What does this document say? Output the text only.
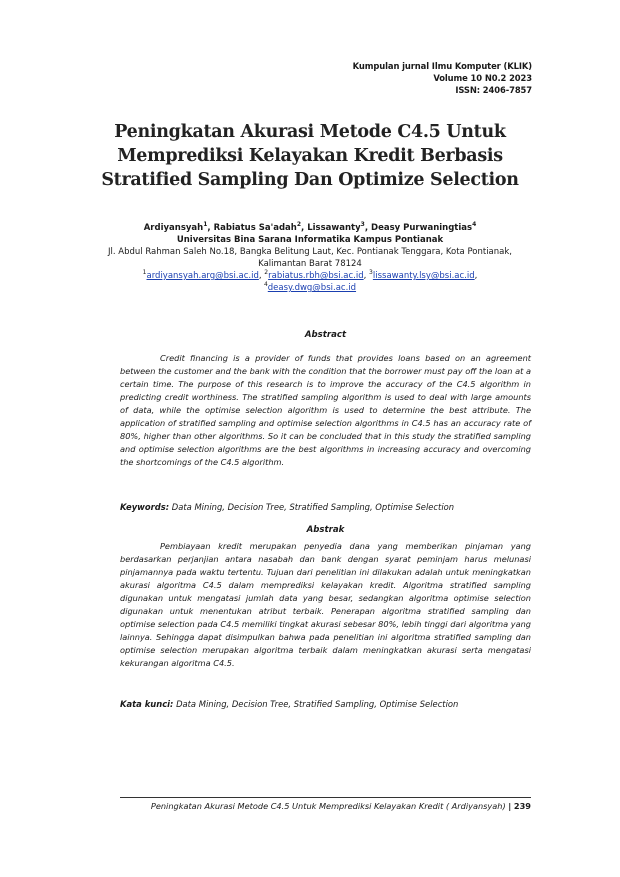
Kumpulan jurnal Ilmu Komputer (KLIK)
Volume 10 N0.2 2023
ISSN: 2406-7857
Peningkatan Akurasi Metode C4.5 Untuk
Memprediksi Kelayakan Kredit Berbasis
Stratified Sampling Dan Optimize Selection
Ardiyansyah$^1$, Rabiatus Sa'adah$^2$, Lissawanty$^3$, Deasy Purwaningtias$^4$
Universitas Bina Sarana Informatika Kampus Pontianak
Jl. Abdul Rahman Saleh No.18, Bangka Belitung Laut, Kec. Pontianak Tenggara, Kota Pontianak, Kalimantan Barat 78124
$^1$ardiyansyah.arg@bsi.ac.id, $^2$rabiatus.rbh@bsi.ac.id, $^3$lissawanty.lsy@bsi.ac.id, $^4$deasy.dwg@bsi.ac.id
Abstract

Credit financing is a provider of funds that provides loans based on an agreement between the customer and the bank with the condition that the borrower must pay off the loan at a certain time. The purpose of this research is to improve the accuracy of the C4.5 algorithm in predicting credit worthiness. The stratified sampling algorithm is used to deal with large amounts of data, while the optimise selection algorithm is used to determine the best attribute. The application of stratified sampling and optimise selection algorithms in C4.5 has an accuracy rate of 80%, higher than other algorithms. So it can be concluded that in this study the stratified sampling and optimise selection algorithms are the best algorithms in increasing accuracy and overcoming the shortcomings of the C4.5 algorithm.

Keywords: Data Mining, Decision Tree, Stratified Sampling, Optimise Selection
Abstrak

Pembiayaan kredit merupakan penyedia dana yang memberikan pinjaman yang berdasarkan perjanjian antara nasabah dan bank dengan syarat peminjam harus melunasi pinjamannya pada waktu tertentu. Tujuan dari penelitian ini dilakukan adalah untuk meningkatkan akurasi algoritma C4.5 dalam memprediksi kelayakan kredit. Algoritma stratified sampling digunakan untuk mengatasi jumlah data yang besar, sedangkan algoritma optimise selection digunakan untuk menentukan atribut terbaik. Penerapan algoritma stratified sampling dan optimise selection pada C4.5 memiliki tingkat akurasi sebesar 80%, lebih tinggi dari algoritma yang lainnya. Sehingga dapat disimpulkan bahwa pada penelitian ini algoritma stratified sampling dan optimise selection merupakan algoritma terbaik dalam meningkatkan akurasi serta mengatasi kekurangan algoritma C4.5.

Kata kunci: Data Mining, Decision Tree, Stratified Sampling, Optimise Selection
Peningkatan Akurasi Metode C4.5 Untuk Memprediksi Kelayakan Kredit ( Ardiyansyah) | 239
